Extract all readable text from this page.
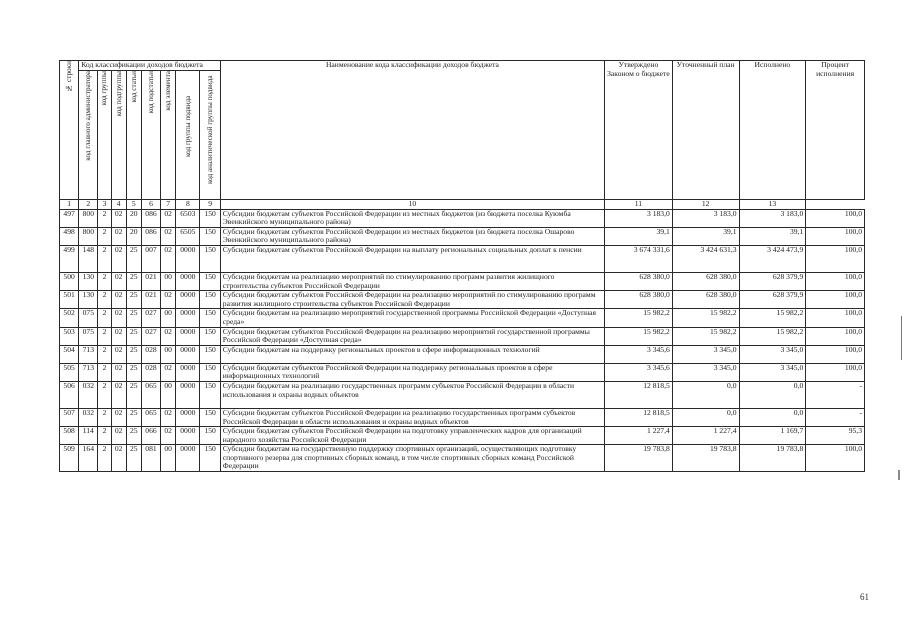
№ строки	Код классификации доходов бюджета								Наименование кода классификации доходов бюджета	Утверждено Законом о бюджете	Уточненный план	Исполнено	Процент исполнения

	код главного администратора	код группы	код подгруппы	код статьи	код подстатьи	код элемента	код группы подвида	код аналитической группы подвида					

1	2	3	4	5	6	7	8	9	10	11	12	13	
497	800	2	02	20	086	02	6503	150	Субсидии бюджетам субъектов Российской Федерации из местных бюджетов (из бюджета поселка Куюмба Эвенкийского муниципального района)	3 183,0	3 183,0	3 183,0	100,0
498	800	2	02	20	086	02	6505	150	Субсидии бюджетам субъектов Российской Федерации из местных бюджетов (из бюджета поселка Ошарово Эвенкийского муниципального района)	39,1	39,1	39,1	100,0
499	148	2	02	25	007	02	0000	150	Субсидии бюджетам субъектов Российской Федерации на выплату региональных социальных доплат к пенсии	3 674 331,6	3 424 631,3	3 424 473,9	100,0
500	130	2	02	25	021	00	0000	150	Субсидии бюджетам на реализацию мероприятий по стимулированию программ развития жилищного строительства субъектов Российской Федерации	628 380,0	628 380,0	628 379,9	100,0
501	130	2	02	25	021	02	0000	150	Субсидии бюджетам субъектов Российской Федерации на реализацию мероприятий по стимулированию программ развития жилищного строительства субъектов Российской Федерации	628 380,0	628 380,0	628 379,9	100,0
502	075	2	02	25	027	00	0000	150	Субсидии бюджетам на реализацию мероприятий государственной программы Российской Федерации «Доступная среда»	15 982,2	15 982,2	15 982,2	100,0
503	075	2	02	25	027	02	0000	150	Субсидии бюджетам субъектов Российской Федерации на реализацию мероприятий государственной программы Российской Федерации «Доступная среда»	15 982,2	15 982,2	15 982,2	100,0
504	713	2	02	25	028	00	0000	150	Субсидии бюджетам на поддержку региональных проектов в сфере информационных технологий	3 345,6	3 345,0	3 345,0	100,0
505	713	2	02	25	028	02	0000	150	Субсидии бюджетам субъектов Российской Федерации на поддержку региональных проектов в сфере информационных технологий	3 345,6	3 345,0	3 345,0	100,0
506	032	2	02	25	065	00	0000	150	Субсидии бюджетам на реализацию государственных программ субъектов Российской Федерации в области использования и охраны водных объектов	12 818,5	0,0	0,0	-
507	032	2	02	25	065	02	0000	150	Субсидии бюджетам субъектов Российской Федерации на реализацию государственных программ субъектов Российской Федерации в области использования и охраны водных объектов	12 818,5	0,0	0,0	-
508	114	2	02	25	066	02	0000	150	Субсидии бюджетам субъектов Российской Федерации на подготовку управленческих кадров для организаций народного хозяйства Российской Федерации	1 227,4	1 227,4	1 169,7	95,3
509	164	2	02	25	081	00	0000	150	Субсидии бюджетам на государственную поддержку спортивных организаций, осуществляющих подготовку спортивного резерва для спортивных сборных команд, в том числе спортивных сборных команд Российской Федерации	19 783,8	19 783,8	19 783,8	100,0
61
